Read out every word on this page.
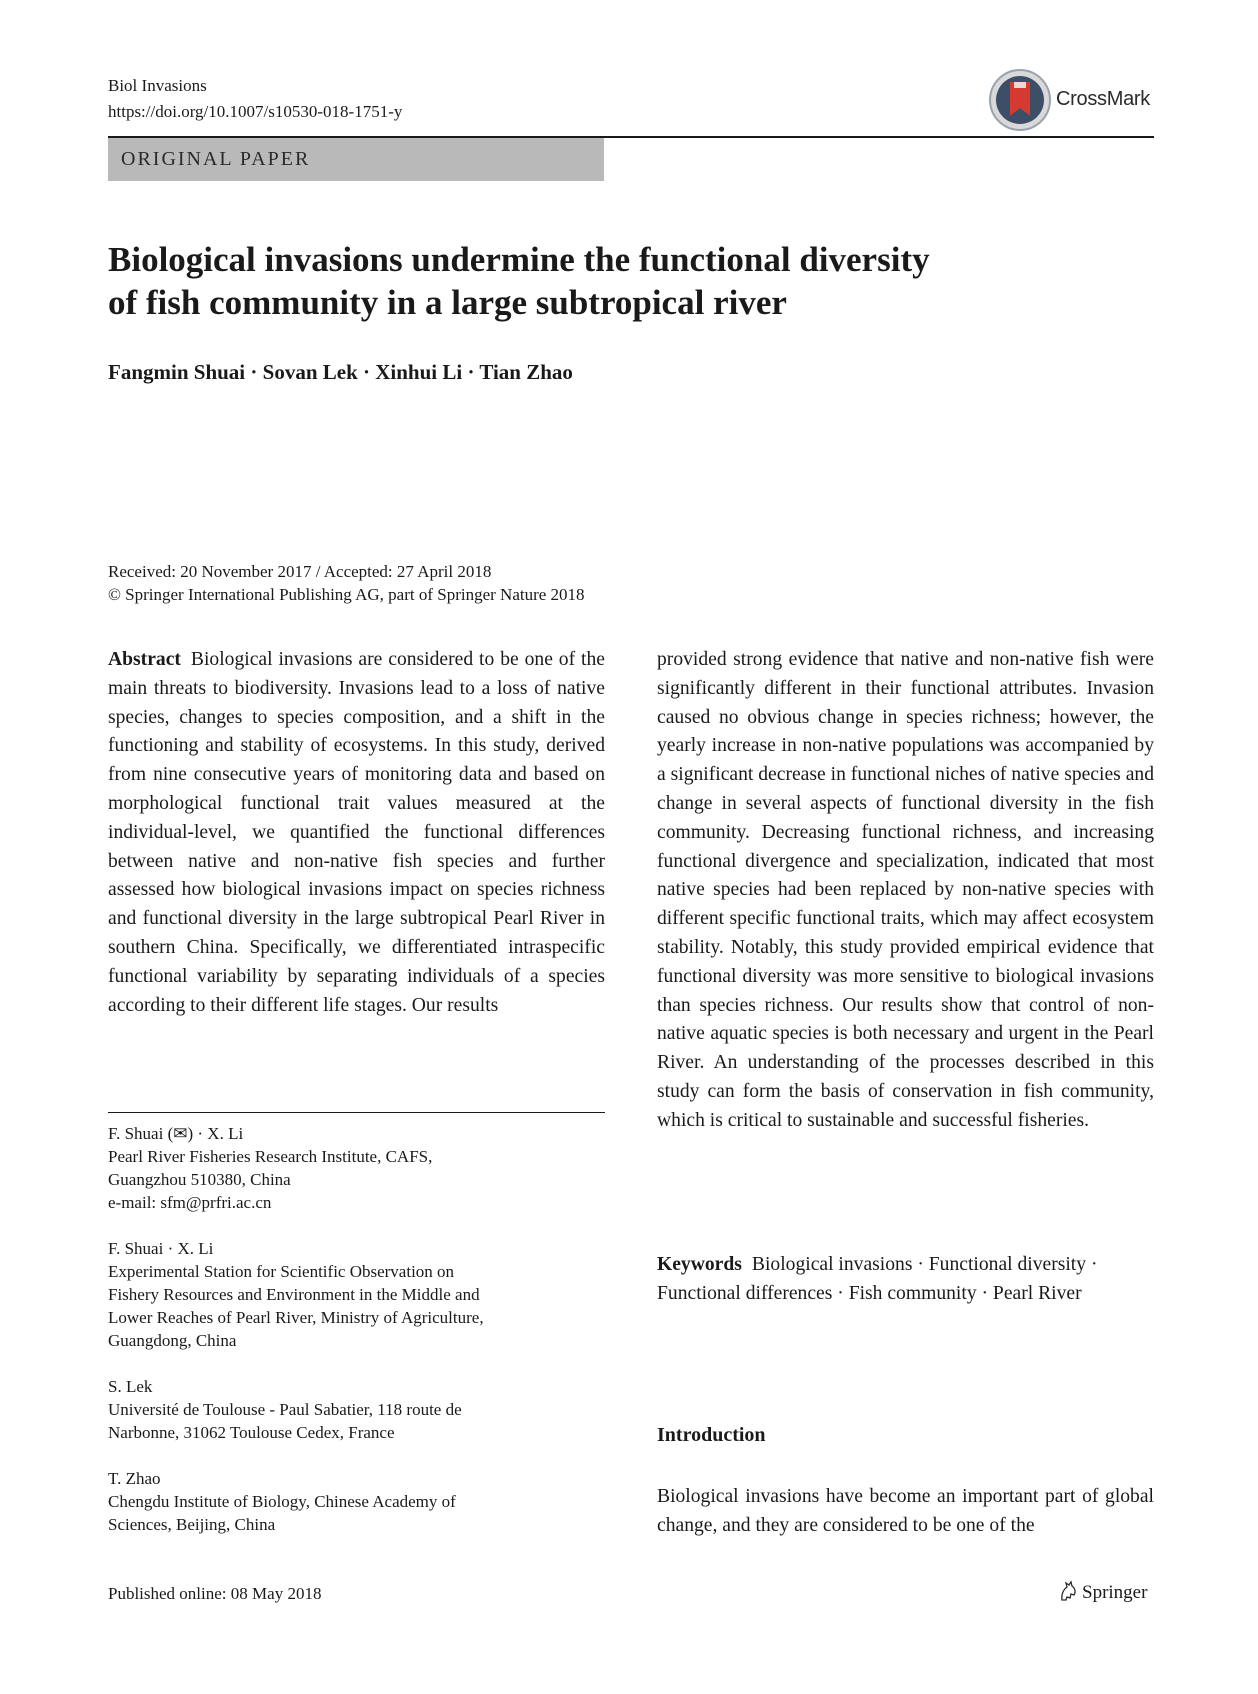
Biol Invasions
https://doi.org/10.1007/s10530-018-1751-y
CrossMark
ORIGINAL PAPER
Biological invasions undermine the functional diversity
of fish community in a large subtropical river
Fangmin Shuai · Sovan Lek · Xinhui Li · Tian Zhao
Received: 20 November 2017 / Accepted: 27 April 2018
© Springer International Publishing AG, part of Springer Nature 2018
Abstract Biological invasions are considered to be one of the main threats to biodiversity. Invasions lead to a loss of native species, changes to species composition, and a shift in the functioning and stability of ecosystems. In this study, derived from nine consecutive years of monitoring data and based on morphological functional trait values measured at the individual-level, we quantified the functional differences between native and non-native fish species and further assessed how biological invasions impact on species richness and functional diversity in the large subtropical Pearl River in southern China. Specifically, we differentiated intraspecific functional variability by separating individuals of a species according to their different life stages. Our results
provided strong evidence that native and non-native fish were significantly different in their functional attributes. Invasion caused no obvious change in species richness; however, the yearly increase in non-native populations was accompanied by a significant decrease in functional niches of native species and change in several aspects of functional diversity in the fish community. Decreasing functional richness, and increasing functional divergence and specialization, indicated that most native species had been replaced by non-native species with different specific functional traits, which may affect ecosystem stability. Notably, this study provided empirical evidence that functional diversity was more sensitive to biological invasions than species richness. Our results show that control of non-native aquatic species is both necessary and urgent in the Pearl River. An understanding of the processes described in this study can form the basis of conservation in fish community, which is critical to sustainable and successful fisheries.
F. Shuai (✉) · X. Li
Pearl River Fisheries Research Institute, CAFS,
Guangzhou 510380, China
e-mail: sfm@prfri.ac.cn
F. Shuai · X. Li
Experimental Station for Scientific Observation on
Fishery Resources and Environment in the Middle and
Lower Reaches of Pearl River, Ministry of Agriculture,
Guangdong, China
S. Lek
Université de Toulouse - Paul Sabatier, 118 route de
Narbonne, 31062 Toulouse Cedex, France
T. Zhao
Chengdu Institute of Biology, Chinese Academy of
Sciences, Beijing, China
Keywords Biological invasions · Functional diversity · Functional differences · Fish community · Pearl River
Introduction
Biological invasions have become an important part of global change, and they are considered to be one of the
Published online: 08 May 2018	Springer
